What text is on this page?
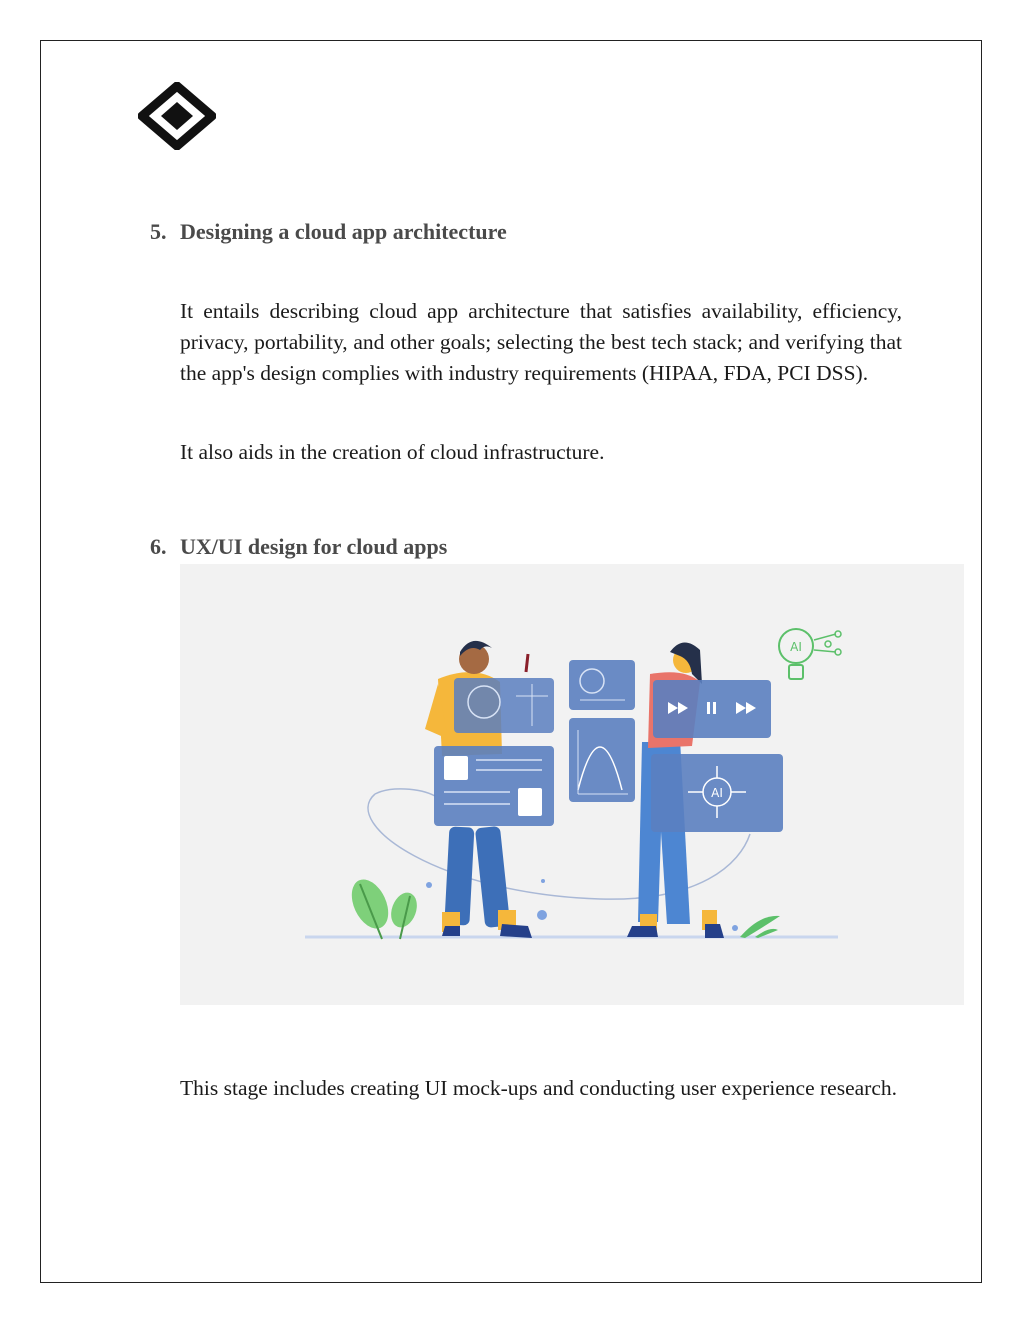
5. Designing a cloud app architecture

It entails describing cloud app architecture that satisfies availability, efficiency, privacy, portability, and other goals; selecting the best tech stack; and verifying that the app's design complies with industry requirements (HIPAA, FDA, PCI DSS).

It also aids in the creation of cloud infrastructure.

6. UX/UI design for cloud apps
AI
AI

This stage includes creating UI mock-ups and conducting user experience research.
